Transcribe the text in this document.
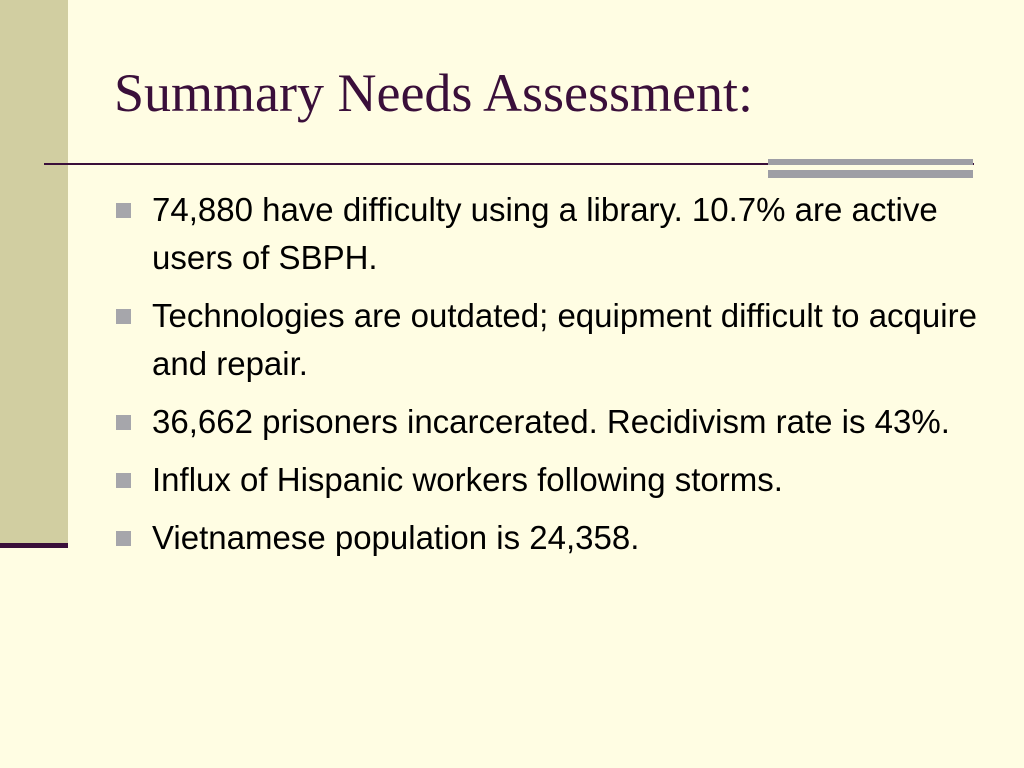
Summary Needs Assessment:
74,880 have difficulty using a library. 10.7% are active users of SBPH.
Technologies are outdated; equipment difficult to acquire and repair.
36,662 prisoners incarcerated. Recidivism rate is 43%.
Influx of Hispanic workers following storms.
Vietnamese population is 24,358.
